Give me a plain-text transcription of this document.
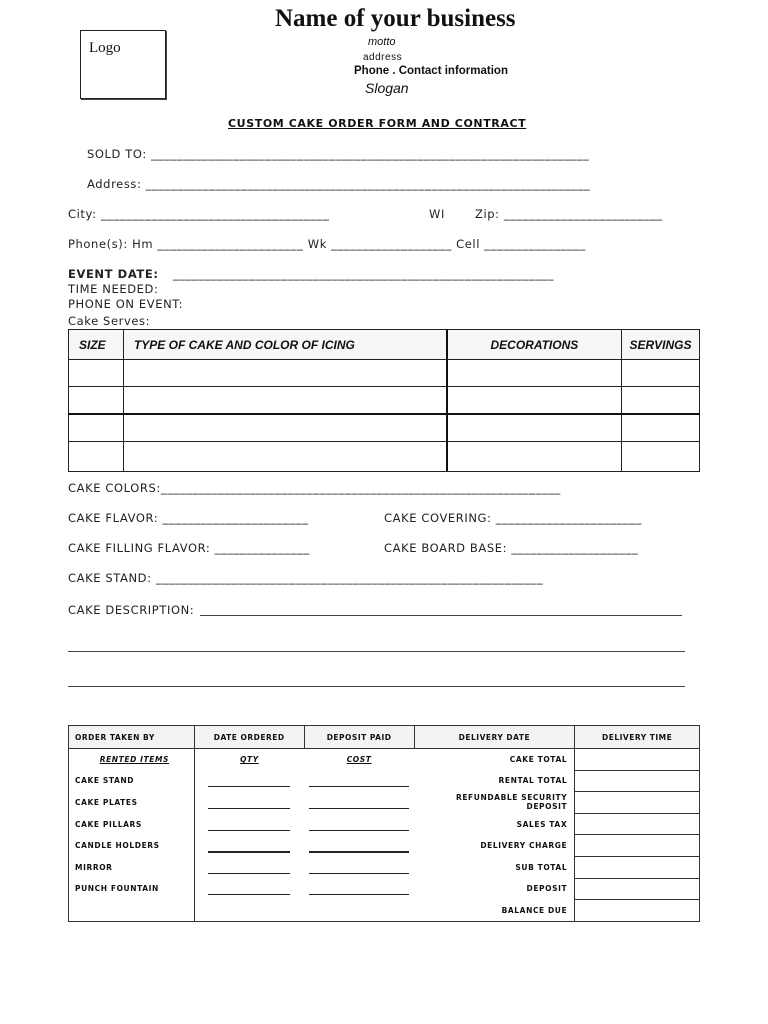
Logo
Name of your business
motto
address
Phone . Contact information
Slogan
CUSTOM CAKE ORDER FORM AND CONTRACT
SOLD TO: _____________________________________________________________________
Address: ______________________________________________________________________
City: ____________________________________	WI	Zip: _________________________
Phone(s): Hm _______________________ Wk ___________________ Cell ________________
EVENT DATE: ____________________________________________________________
TIME NEEDED:
PHONE ON EVENT:
Cake Serves:
SIZE	TYPE OF CAKE AND COLOR OF ICING	DECORATIONS	SERVINGS

CAKE COLORS:_______________________________________________________________
CAKE FLAVOR: _______________________	CAKE COVERING: _______________________
CAKE FILLING FLAVOR: _______________	CAKE BOARD BASE: ____________________
CAKE STAND: _____________________________________________________________
CAKE DESCRIPTION:
ORDER TAKEN BY	DATE ORDERED	DEPOSIT PAID	DELIVERY DATE	DELIVERY TIME
RENTED ITEMS	QTY	COST	CAKE TOTAL	
CAKE STAND			RENTAL TOTAL	
CAKE PLATES			REFUNDABLE SECURITY DEPOSIT	
CAKE PILLARS			SALES TAX	
CANDLE HOLDERS			DELIVERY CHARGE	
MIRROR			SUB TOTAL	
PUNCH FOUNTAIN			DEPOSIT	
			BALANCE DUE	
